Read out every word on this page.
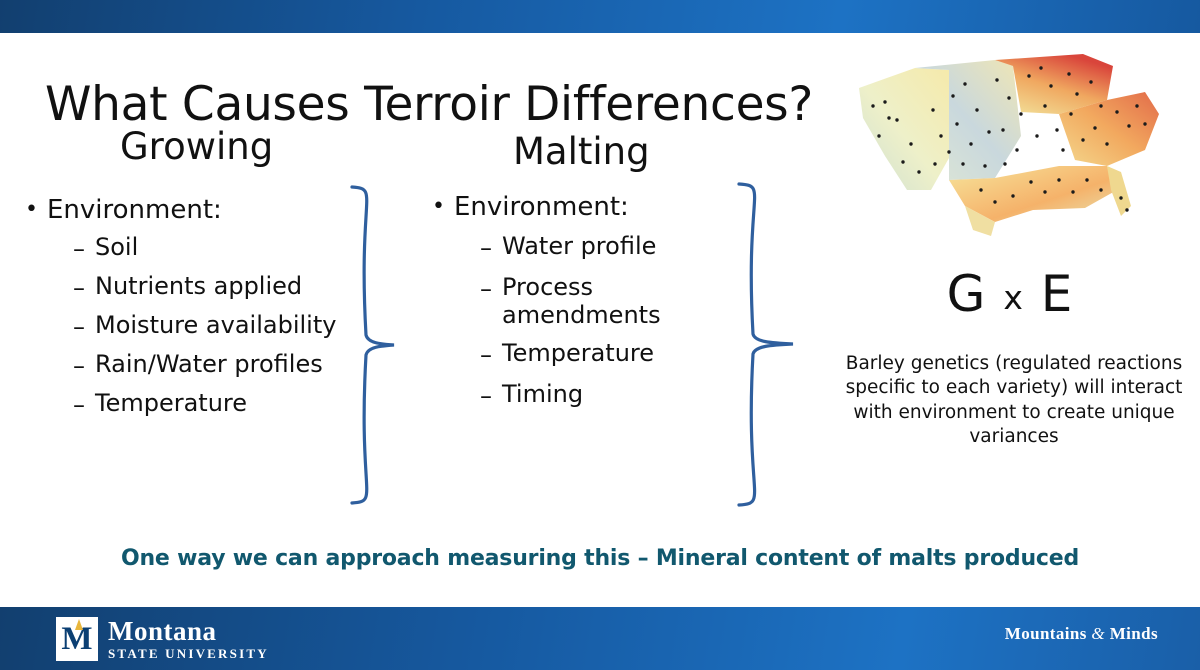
What Causes Terroir Differences?
Growing
• Environment:
– Soil
– Nutrients applied
– Moisture availability
– Rain/Water profiles
– Temperature
Malting
• Environment:
– Water profile
– Process amendments
– Temperature
– Timing
G x E
Barley genetics (regulated reactions specific to each variety) will interact with environment to create unique variances
One way we can approach measuring this – Mineral content of malts produced
M Montana
STATE UNIVERSITY
Mountains & Minds
